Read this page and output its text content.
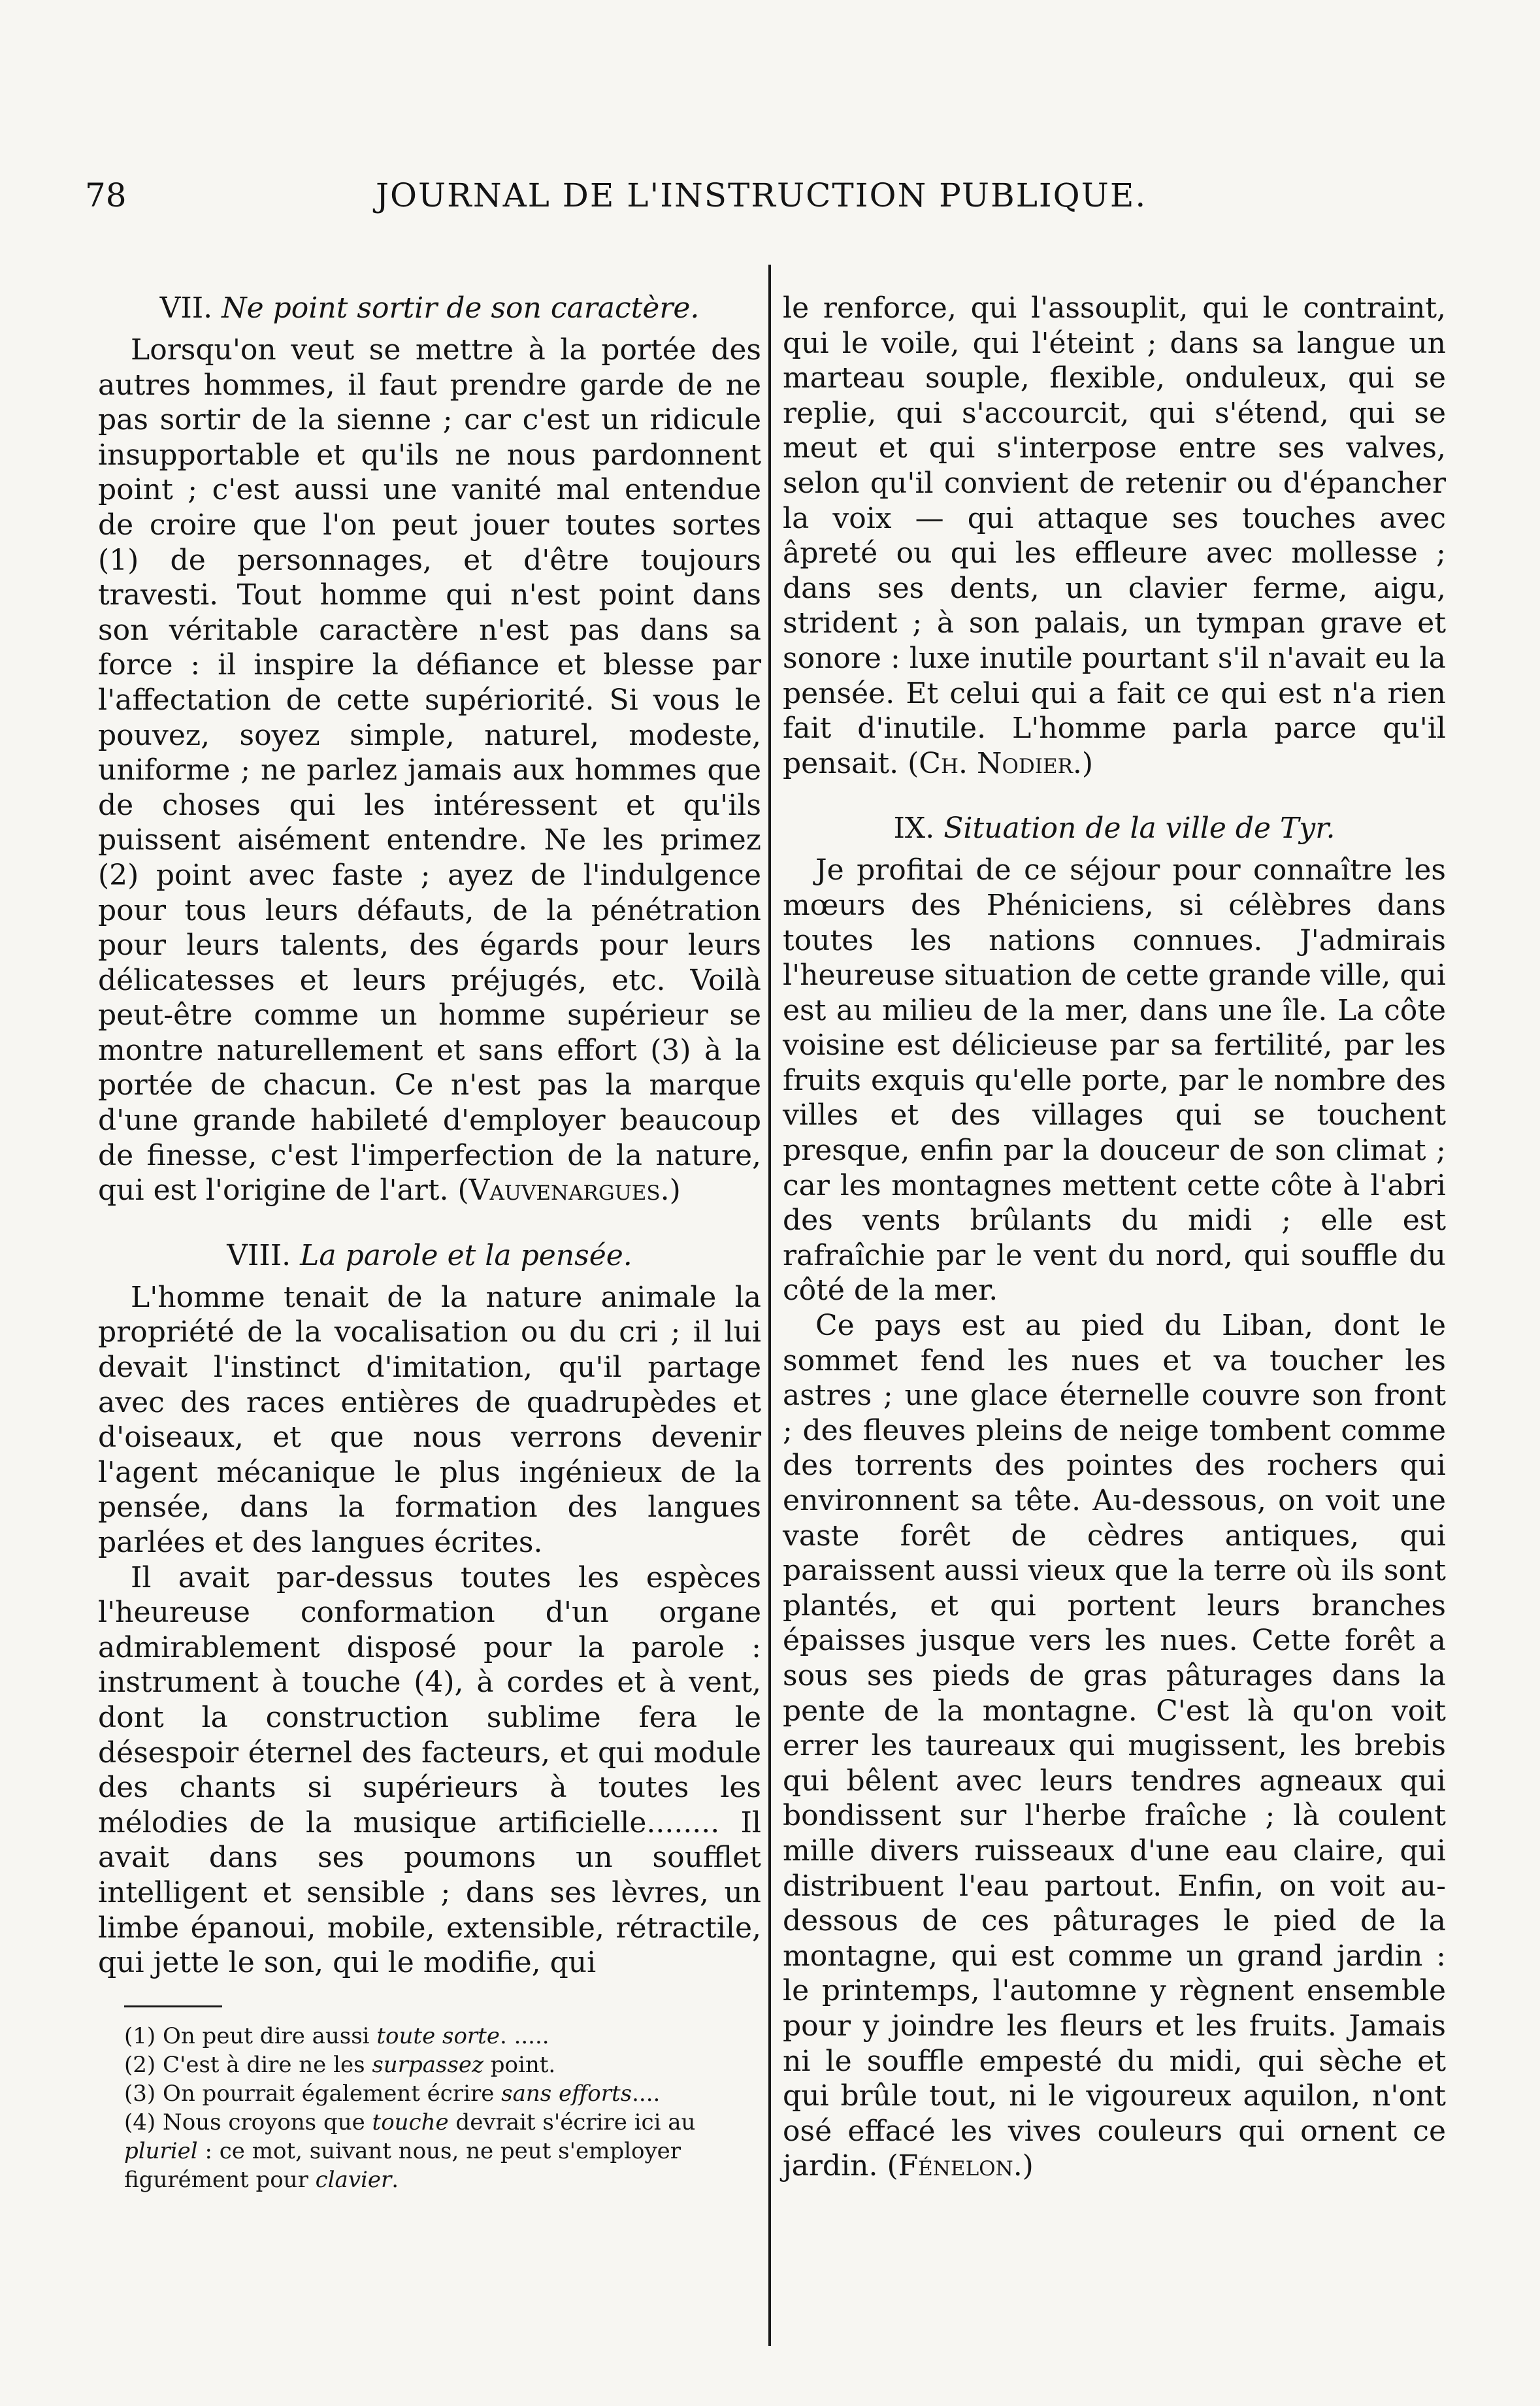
78	JOURNAL DE L'INSTRUCTION PUBLIQUE.
VII. Ne point sortir de son caractère.

Lorsqu'on veut se mettre à la portée des autres hommes, il faut prendre garde de ne pas sortir de la sienne ; car c'est un ridicule insupportable et qu'ils ne nous pardonnent point ; c'est aussi une vanité mal entendue de croire que l'on peut jouer toutes sortes (1) de personnages, et d'être toujours travesti. Tout homme qui n'est point dans son véritable caractère n'est pas dans sa force : il inspire la défiance et blesse par l'affectation de cette supériorité. Si vous le pouvez, soyez simple, naturel, modeste, uniforme ; ne parlez jamais aux hommes que de choses qui les intéressent et qu'ils puissent aisément entendre. Ne les primez (2) point avec faste ; ayez de l'indulgence pour tous leurs défauts, de la pénétration pour leurs talents, des égards pour leurs délicatesses et leurs préjugés, etc. Voilà peut-être comme un homme supérieur se montre naturellement et sans effort (3) à la portée de chacun. Ce n'est pas la marque d'une grande habileté d'employer beaucoup de finesse, c'est l'imperfection de la nature, qui est l'origine de l'art. (Vauvenargues.)

VIII. La parole et la pensée.

L'homme tenait de la nature animale la propriété de la vocalisation ou du cri ; il lui devait l'instinct d'imitation, qu'il partage avec des races entières de quadrupèdes et d'oiseaux, et que nous verrons devenir l'agent mécanique le plus ingénieux de la pensée, dans la formation des langues parlées et des langues écrites.

Il avait par-dessus toutes les espèces l'heureuse conformation d'un organe admirablement disposé pour la parole : instrument à touche (4), à cordes et à vent, dont la construction sublime fera le désespoir éternel des facteurs, et qui module des chants si supérieurs à toutes les mélodies de la musique artificielle........ Il avait dans ses poumons un soufflet intelligent et sensible ; dans ses lèvres, un limbe épanoui, mobile, extensible, rétractile, qui jette le son, qui le modifie, qui

(1) On peut dire aussi toute sorte. .....

(2) C'est à dire ne les surpassez point.

(3) On pourrait également écrire sans efforts....

(4) Nous croyons que touche devrait s'écrire ici au pluriel : ce mot, suivant nous, ne peut s'employer figurément pour clavier.

le renforce, qui l'assouplit, qui le contraint, qui le voile, qui l'éteint ; dans sa langue un marteau souple, flexible, onduleux, qui se replie, qui s'accourcit, qui s'étend, qui se meut et qui s'interpose entre ses valves, selon qu'il convient de retenir ou d'épancher la voix — qui attaque ses touches avec âpreté ou qui les effleure avec mollesse ; dans ses dents, un clavier ferme, aigu, strident ; à son palais, un tympan grave et sonore : luxe inutile pourtant s'il n'avait eu la pensée. Et celui qui a fait ce qui est n'a rien fait d'inutile. L'homme parla parce qu'il pensait. (Ch. Nodier.)

IX. Situation de la ville de Tyr.

Je profitai de ce séjour pour connaître les mœurs des Phéniciens, si célèbres dans toutes les nations connues. J'admirais l'heureuse situation de cette grande ville, qui est au milieu de la mer, dans une île. La côte voisine est délicieuse par sa fertilité, par les fruits exquis qu'elle porte, par le nombre des villes et des villages qui se touchent presque, enfin par la douceur de son climat ; car les montagnes mettent cette côte à l'abri des vents brûlants du midi ; elle est rafraîchie par le vent du nord, qui souffle du côté de la mer.

Ce pays est au pied du Liban, dont le sommet fend les nues et va toucher les astres ; une glace éternelle couvre son front ; des fleuves pleins de neige tombent comme des torrents des pointes des rochers qui environnent sa tête. Au-dessous, on voit une vaste forêt de cèdres antiques, qui paraissent aussi vieux que la terre où ils sont plantés, et qui portent leurs branches épaisses jusque vers les nues. Cette forêt a sous ses pieds de gras pâturages dans la pente de la montagne. C'est là qu'on voit errer les taureaux qui mugissent, les brebis qui bêlent avec leurs tendres agneaux qui bondissent sur l'herbe fraîche ; là coulent mille divers ruisseaux d'une eau claire, qui distribuent l'eau partout. Enfin, on voit au-dessous de ces pâturages le pied de la montagne, qui est comme un grand jardin : le printemps, l'automne y règnent ensemble pour y joindre les fleurs et les fruits. Jamais ni le souffle empesté du midi, qui sèche et qui brûle tout, ni le vigoureux aquilon, n'ont osé effacé les vives couleurs qui ornent ce jardin. (Fénelon.)
